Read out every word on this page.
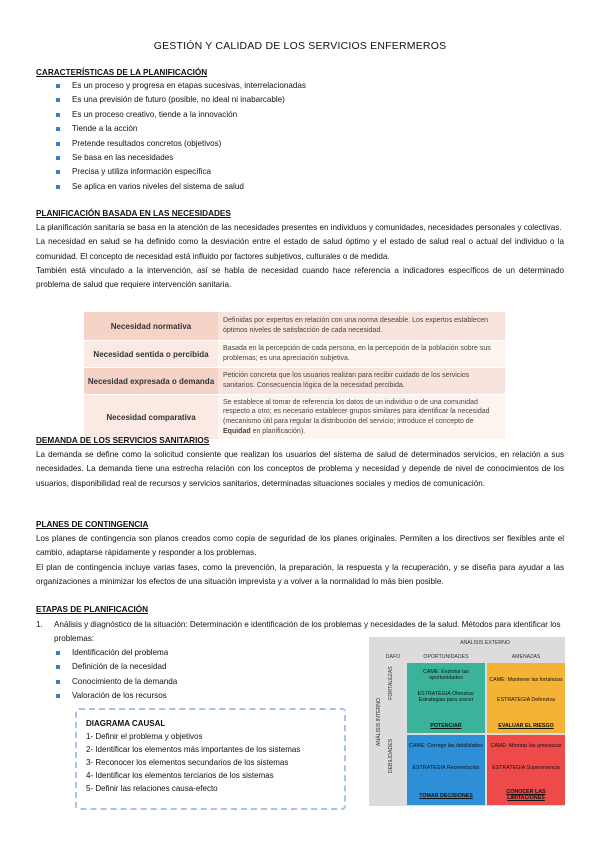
GESTIÓN Y CALIDAD DE LOS SERVICIOS ENFERMEROS
CARACTERÍSTICAS DE LA PLANIFICACIÓN
Es un proceso y progresa en etapas sucesivas, interrelacionadas
Es una previsión de futuro (posible, no ideal ni inabarcable)
Es un proceso creativo, tiende a la innovación
Tiende a la acción
Pretende resultados concretos (objetivos)
Se basa en las necesidades
Precisa y utiliza información específica
Se aplica en varios niveles del sistema de salud
PLANIFICACIÓN BASADA EN LAS NECESIDADES

La planificación sanitaria se basa en la atención de las necesidades presentes en individuos y comunidades, necesidades personales y colectivas.

La necesidad en salud se ha definido como la desviación entre el estado de salud óptimo y el estado de salud real o actual del individuo o la comunidad. El concepto de necesidad está influido por factores subjetivos, culturales o de medida.

También está vinculado a la intervención, así se habla de necesidad cuando hace referencia a indicadores específicos de un determinado problema de salud que requiere intervención sanitaria.

Necesidad normativa	Definidas por expertos en relación con una norma deseable. Los expertos establecen óptimos niveles de satisfacción de cada necesidad.
Necesidad sentida o percibida	Basada en la percepción de cada persona, en la percepción de la población sobre sus problemas; es una apreciación subjetiva.
Necesidad expresada o demanda	Petición concreta que los usuarios realizan para recibir cuidado de los servicios sanitarios. Consecuencia lógica de la necesidad percibida.
Necesidad comparativa	Se establece al tomar de referencia los datos de un individuo o de una comunidad respecto a otro; es necesario establecer grupos similares para identificar la necesidad (mecanismo útil para regular la distribución del servicio; introduce el concepto de Equidad en planificación).
DEMANDA DE LOS SERVICIOS SANITARIOS
La demanda se define como la solicitud consiente que realizan los usuarios del sistema de salud de determinados servicios, en relación a sus necesidades. La demanda tiene una estrecha relación con los conceptos de problema y necesidad y depende de nivel de conocimientos de los usuarios, disponibilidad real de recursos y servicios sanitarios, determinadas situaciones sociales y medios de comunicación.
PLANES DE CONTINGENCIA

Los planes de contingencia son planos creados como copia de seguridad de los planes originales. Permiten a los directivos ser flexibles ante el cambio, adaptarse rápidamente y responder a los problemas.

El plan de contingencia incluye varias fases, como la prevención, la preparación, la respuesta y la recuperación, y se diseña para ayudar a las organizaciones a minimizar los efectos de una situación imprevista y a volver a la normalidad lo más bien posible.

ETAPAS DE PLANIFICACIÓN
1. Análisis y diagnóstico de la situación: Determinación e identificación de los problemas y necesidades de la salud. Métodos para identificar los problemas:
Identificación del problema
Definición de la necesidad
Conocimiento de la demanda
Valoración de los recursos
DIAGRAMA CAUSAL
1- Definir el problema y objetivos
2- Identificar los elementos más importantes de los sistemas
3- Reconocer los elementos secundarios de los sistemas
4- Identificar los elementos terciarios de los sistemas
5- Definir las relaciones causa-efecto
ANÁLISIS EXTERNO
DAFO	OPORTUNIDADES	AMENAZAS
ANÁLISIS INTERNO
FORTALEZAS
DEBILIDADES
CAME: Explotar las oportunidades
ESTRATEGIA Ofensiva: Estrategias para crecer
POTENCIAR
CAME: Mantener las fortalezas
ESTRATEGIA Defensiva
EVALUAR EL RIESGO
CAME: Corregir las debilidades
ESTRATEGIA Reorientación
TOMAR DECISIONES
CAME: Afrontar las amenazas
ESTRATEGIA Supervivencia
CONOCER LAS LIMITACIONES
